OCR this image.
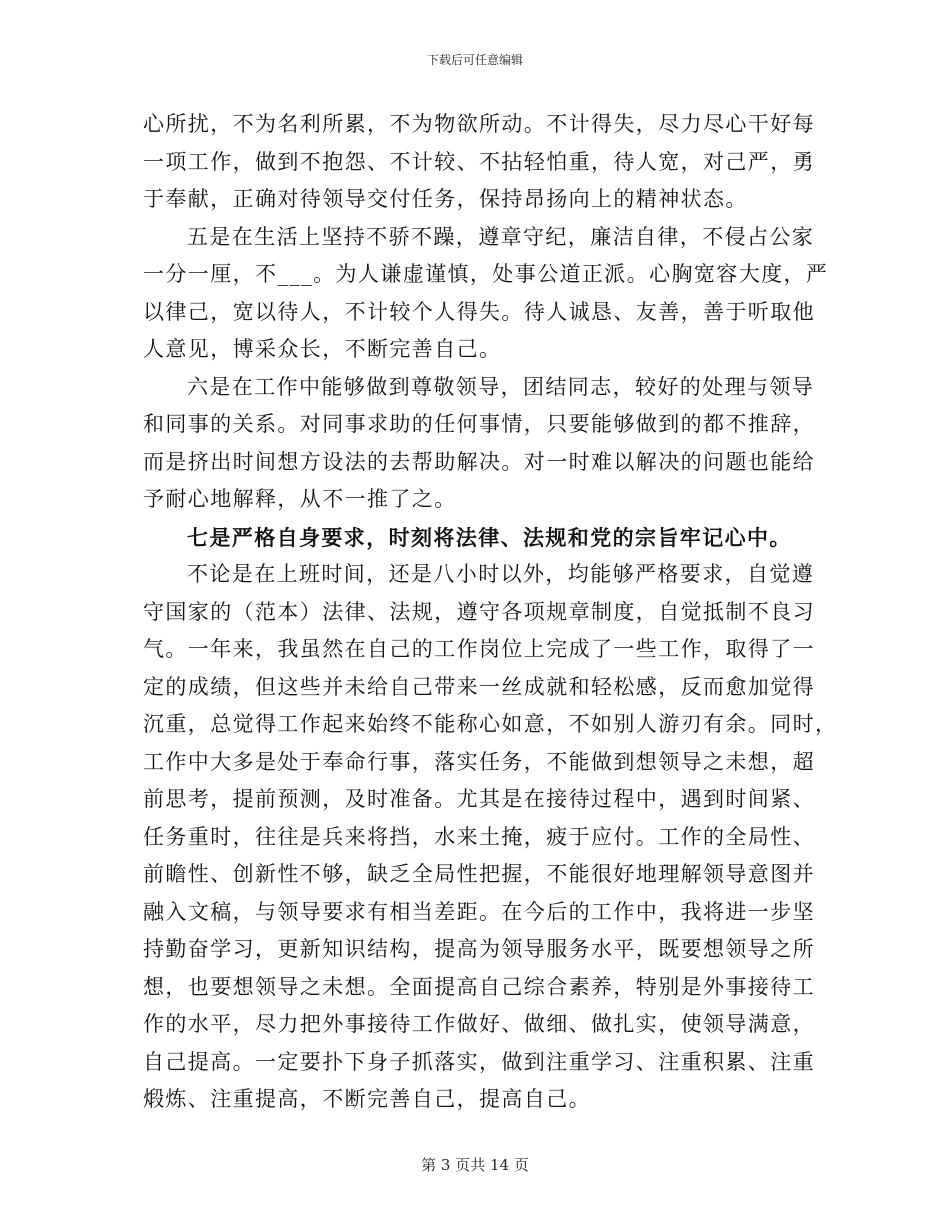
下载后可任意编辑
心所扰，不为名利所累，不为物欲所动。不计得失，尽力尽心干好每
一项工作，做到不抱怨、不计较、不拈轻怕重，待人宽，对己严，勇
于奉献，正确对待领导交付任务，保持昂扬向上的精神状态。
五是在生活上坚持不骄不躁，遵章守纪，廉洁自律，不侵占公家
一分一厘，不___。为人谦虚谨慎，处事公道正派。心胸宽容大度，严
以律己，宽以待人，不计较个人得失。待人诚恳、友善，善于听取他
人意见，博采众长，不断完善自己。
六是在工作中能够做到尊敬领导，团结同志，较好的处理与领导
和同事的关系。对同事求助的任何事情，只要能够做到的都不推辞，
而是挤出时间想方设法的去帮助解决。对一时难以解决的问题也能给
予耐心地解释，从不一推了之。
七是严格自身要求，时刻将法律、法规和党的宗旨牢记心中。
不论是在上班时间，还是八小时以外，均能够严格要求，自觉遵
守国家的（范本）法律、法规，遵守各项规章制度，自觉抵制不良习
气。一年来，我虽然在自己的工作岗位上完成了一些工作，取得了一
定的成绩，但这些并未给自己带来一丝成就和轻松感，反而愈加觉得
沉重，总觉得工作起来始终不能称心如意，不如别人游刃有余。同时，
工作中大多是处于奉命行事，落实任务，不能做到想领导之未想，超
前思考，提前预测，及时准备。尤其是在接待过程中，遇到时间紧、
任务重时，往往是兵来将挡，水来土掩，疲于应付。工作的全局性、
前瞻性、创新性不够，缺乏全局性把握，不能很好地理解领导意图并
融入文稿，与领导要求有相当差距。在今后的工作中，我将进一步坚
持勤奋学习，更新知识结构，提高为领导服务水平，既要想领导之所
想，也要想领导之未想。全面提高自己综合素养，特别是外事接待工
作的水平，尽力把外事接待工作做好、做细、做扎实，使领导满意，
自己提高。一定要扑下身子抓落实，做到注重学习、注重积累、注重
煅炼、注重提高，不断完善自己，提高自己。
第 3 页共 14 页
